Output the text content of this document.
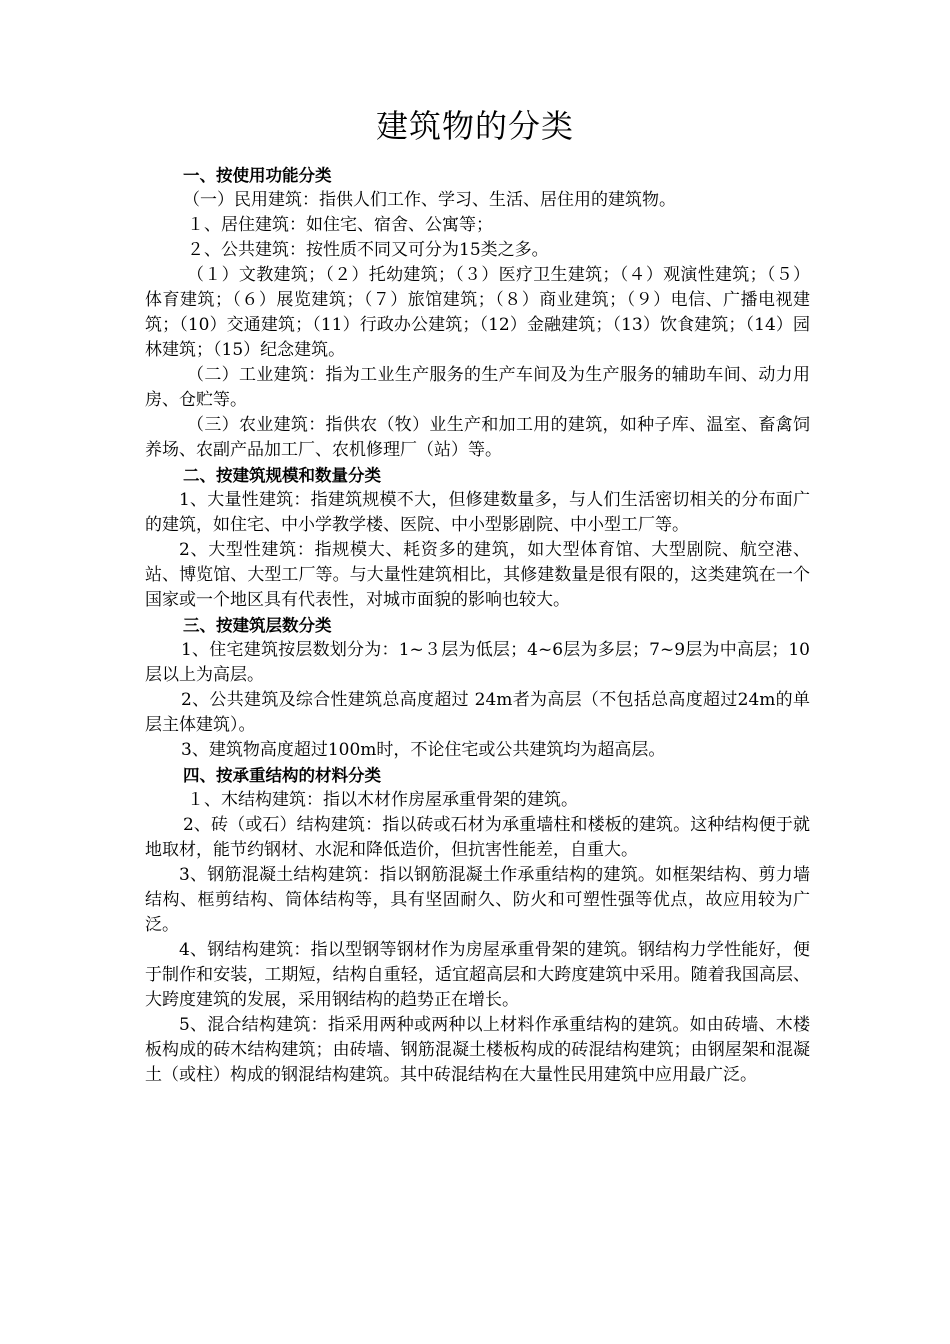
建筑物的分类

一、按使用功能分类

（一）民用建筑：指供人们工作、学习、生活、居住用的建筑物。

１、居住建筑：如住宅、宿舍、公寓等；

２、公共建筑：按性质不同又可分为15类之多。

（１）文教建筑；（２）托幼建筑；（３）医疗卫生建筑；（４）观演性建筑；（５）体育建筑；（６）展览建筑；（７）旅馆建筑；（８）商业建筑；（９）电信、广播电视建筑；（10）交通建筑；（11）行政办公建筑；（12）金融建筑；（13）饮食建筑；（14）园林建筑；（15）纪念建筑。

（二）工业建筑：指为工业生产服务的生产车间及为生产服务的辅助车间、动力用房、仓贮等。

（三）农业建筑：指供农（牧）业生产和加工用的建筑，如种子库、温室、畜禽饲养场、农副产品加工厂、农机修理厂（站）等。

二、按建筑规模和数量分类

1、大量性建筑：指建筑规模不大，但修建数量多，与人们生活密切相关的分布面广的建筑，如住宅、中小学教学楼、医院、中小型影剧院、中小型工厂等。

2、大型性建筑：指规模大、耗资多的建筑，如大型体育馆、大型剧院、航空港、站、博览馆、大型工厂等。与大量性建筑相比，其修建数量是很有限的，这类建筑在一个国家或一个地区具有代表性，对城市面貌的影响也较大。

三、按建筑层数分类

1、住宅建筑按层数划分为：1~３层为低层；4~6层为多层；7~9层为中高层；10层以上为高层。

2、公共建筑及综合性建筑总高度超过 24m者为高层（不包括总高度超过24m的单层主体建筑）。

3、建筑物高度超过100m时，不论住宅或公共建筑均为超高层。

四、按承重结构的材料分类

１、木结构建筑：指以木材作房屋承重骨架的建筑。

2、砖（或石）结构建筑：指以砖或石材为承重墙柱和楼板的建筑。这种结构便于就地取材，能节约钢材、水泥和降低造价，但抗害性能差，自重大。

3、钢筋混凝土结构建筑：指以钢筋混凝土作承重结构的建筑。如框架结构、剪力墙结构、框剪结构、筒体结构等，具有坚固耐久、防火和可塑性强等优点，故应用较为广泛。

4、钢结构建筑：指以型钢等钢材作为房屋承重骨架的建筑。钢结构力学性能好，便于制作和安装，工期短，结构自重轻，适宜超高层和大跨度建筑中采用。随着我国高层、大跨度建筑的发展，采用钢结构的趋势正在增长。

5、混合结构建筑：指采用两种或两种以上材料作承重结构的建筑。如由砖墙、木楼板构成的砖木结构建筑；由砖墙、钢筋混凝土楼板构成的砖混结构建筑；由钢屋架和混凝土（或柱）构成的钢混结构建筑。其中砖混结构在大量性民用建筑中应用最广泛。
